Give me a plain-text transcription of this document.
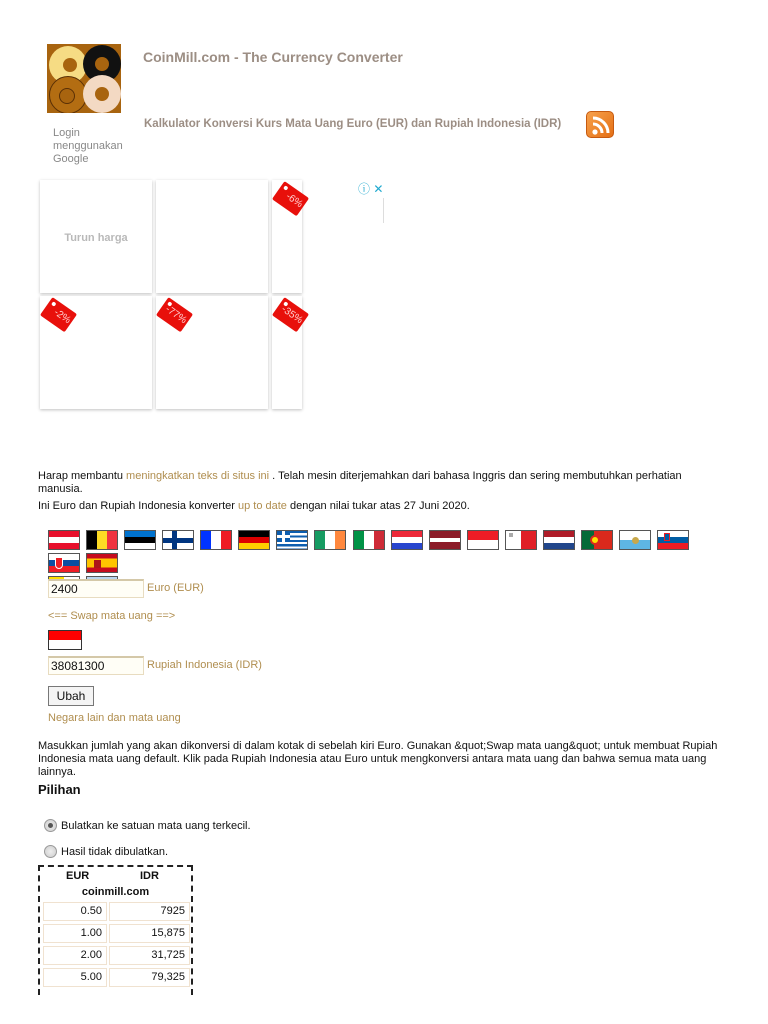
Login menggunakan Google
CoinMill.com - The Currency Converter
Kalkulator Konversi Kurs Mata Uang Euro (EUR) dan Rupiah Indonesia (IDR)
Turun harga
-6%
-2%	-77%	-35%
ⓘ ✕
Harap membantu meningkatkan teks di situs ini . Telah mesin diterjemahkan dari bahasa Inggris dan sering membutuhkan perhatian manusia.
Ini Euro dan Rupiah Indonesia konverter up to date dengan nilai tukar atas 27 Juni 2020.

2400
Euro (EUR)
<== Swap mata uang ==>
38081300
Rupiah Indonesia (IDR)
Ubah
Negara lain dan mata uang
Masukkan jumlah yang akan dikonversi di dalam kotak di sebelah kiri Euro. Gunakan &quot;Swap mata uang&quot; untuk membuat Rupiah Indonesia mata uang default. Klik pada Rupiah Indonesia atau Euro untuk mengkonversi antara mata uang dan bahwa semua mata uang lainnya.
Pilihan
Bulatkan ke satuan mata uang terkecil.
Hasil tidak dibulatkan.
EUR	IDR
coinmill.com
0.50	7925
1.00	15,875
2.00	31,725
5.00	79,325
